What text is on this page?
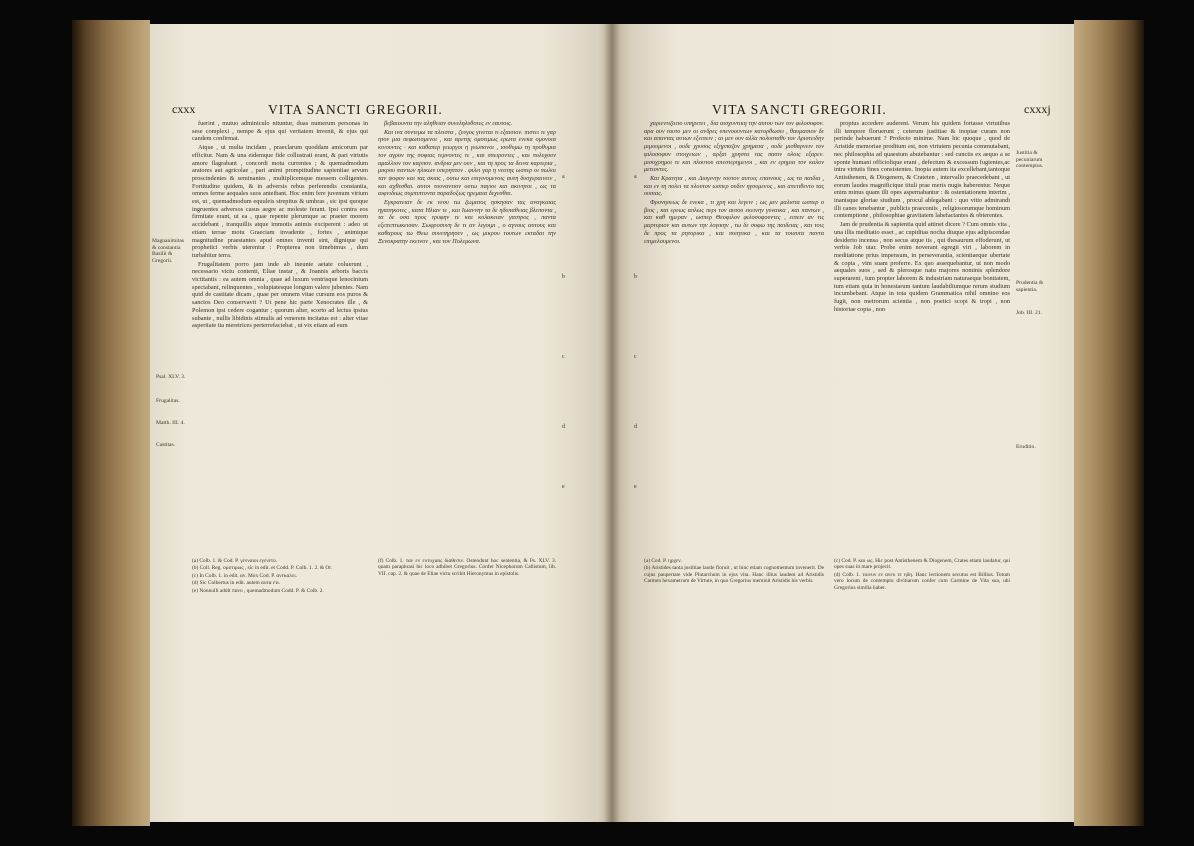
cxxx	VITA SANCTI GREGORII.
Magnanimitas & constantia Basilii & Gregorii.
Psal. XLV. 3.
Frugalitas.
Matth. III. 4.
Castitas.

fuerint , mutuo adminiculo nituntur, duas numerum personas in sese complexi , nempe & ejus qui veritatem invenit, & ejus qui candem confirmat.

Atque , ut multa incidam , praeclarum quoddam amicorum par efficitur. Nam & una eidemque fide collustrati erant, & pari virtutis amore flagrabant , concordi motu currentes ; & quemadmodum aratores aut agricolae , pari animi promptitudine sapientiae arvum proscindentes & seminantes , multiplicemque messem colligentes. Fortitudine quidem, & in adversis rebus perferendis constantia, omnes ferme aequales suos anteibant. Hoc enim fere juvenum virium est, ut , quemadmodum equuleis strepitus & umbras , sic ipsi quoque ingruentes adversos casus aegre ac moleste ferant. Ipsi contra eos firmitate erant, ut ea , quae repente plerumque ac praeter morem accidebant , tranquillis atque immotis animis exciperent : adeo ut etiam terrae motu Graeciam invadente , fortes , animique magnitudine praestantes apud omnes inventi sint, dignique qui prophetici verbis uterentur : Propterea non timebimus , dum turbabitur terra.

Frugalitatem porro jam inde ab ineunte aetate coluerunt , necessario victu contenti, Eliae instar , & Joannis arboris baccis victitantis : ea autem omnia , quae ad luxum ventrisque lenocinium spectabant, relinquentes , voluptatesque longum valere jubentes. Nam quid de castitate dicam , quae per omnem vitae cursum eos puros & sanctos Deo conservavit ? Ut pene hic parte Xenocrates ille , & Polemon ipsi cedere cogantur ; quorum alter, scorto ad lectus ipsius subante , nullis libidinis stimulis ad venerem incitatus est : alter vitae asperitate ita meretrices perterrefaciebat , ut vix etiam ad eum

βεβαιουντα την αληθειαν συνεληλυθοτες εν εαυτοις.

Και ινα συντεμω τα πλειστα , ζευγος γινεται τι εξαισιον. πιστει τε γαρ ητον μια πεφωτισμενοι , και αρετης ομοτιμως ερωτα ενεκα ομονοια κινουντες · και καθαπερ γεωργοι η γεωπονοι , ισοθυμω τη προθυμια τον αγρον της σοφιας τεμνοντες τε , και σπειροντες , και πολυχουν αμαλλιον τον καρπον. ανδρια μεν ουν , και τη προς τα δεινα καρτερια , μικρου παντων ηλικων υπερηπτον . φιλει γαρ η νεοτης ωσπερ οι πωλοι ταν ψοφον και τας σκιας , ουτω και επιγινομενοις αυτη δυσχεραινειν , και αχθεσθαι. αυτοι τουναντιον ουτω παγιοι και ακινητοι , ως τα αιφνιδιως συμπιπτοντα παραδοξως ηρεμαια δεχεσθαι.

Εγκρατειαν δε εκ νεου τω ζωματος ησκησαν τας αναγκαιας ηγαπηκοτες , κατα Ηλιαν τε , και Ιωαννην τα δε ηδυπαθειας βλεποντα , τα δε οσα προς τρυφην τε και κολακειαν γαστρος , παντα εξεπεπτωκεισαν. Σωφροσυνη δε τι αν λεγοιμι , ο αγνους αυτους και καθαρους τω Θεω συνετηρησεν , ως μικρου τουτων εκταδαι την Ξενοκρατην εκεινον , και τον Πολεμωνα.

a
b
c
d
e

(a) Colb. 1. & Cod. P. γενναιοι εγενετο.

(b) Coll. Reg. ομοτιμως , sic in edit. et Codd. P. Colb. 1. 2. & Or.

(c) In Colb. 1. in edit. αν. Mox Cod. P. ανεκαλει.

(d) Sic Colbertus in edit. autem αυτα ετι.

(e) Nonnulli addit πανυ , quemadmodum Codd. P. & Colb. 2.

(f) Colb. 1. ταν εν ευτυχιαις διαθεσιν. Ostendunt hoc sententia, & Ps. XLV. 3. quam paraphrasi hic loco adhibet Gregorius. Confer Nicephorum Callistum, lib. VII. cap. 2. & quae de Eliae victu scribit Hieronymus in epistolis.

VITA SANCTI GREGORII.	cxxxj
a
b
c
d
e

χαριεντιζοιτο υπηρετει , δια αισχυντικη την αυτου των τον φιλοσοφον. αρα ουν τουτο μεν οι ανδρες υπενοουντων κατορθωσει , θαυμασιον δε και απαντας αυτων εξειπειν ; αι μεν ουν αλλα πολυσταθυ τον Αριστειδην μιμουμενοι , ουδε χρυσος εξηρπαζον χρηματα , ουδε μισθαρνειν τον φιλοσοφον στοιχειων , αρξαι χρηστα τας πασιν ολοις εξαρεν. μισοχρημοι τε και πλουτου απεστερημενοι , και εν ερημια τον καλον μετιοντες.

Και Κρατητα , και Διογενην τουτον αυτοις επαινους , ως τα παιδια , και εν τη πολει τα πλουτον ωσπερ ουδεν ηγουμενος , και απετιθεντο τας ουσιας.

Φρονησεως δε ενεκα , τι χρη και λεγειν ; ως μεν μαλιστα ωσπερ ο βιος , και ερεως απλως περι τον αυτου εκεινην γυναικα , και παντων , και καθ ημεραν , ωσπερ Θεοφιλον φιλοσοφουντες , ειπειν αν τις μαρτυριον και αυτων την λογικην , τω δε σοφω της παιδειας , και τοις δε προς τα ρητορικα , και ποιητικα , και τα τοιαυτα παντα επιμελουμενοι.

propius accedere auderent. Verum his quidem fortasse virtutibus illi tempore floruerunt ; ceterum justitiae & inopiae curam non perinde habuerunt ? Profecto minime. Nam hic quoque , quod de Aristide memoriae proditum est, non virtutem pecunia commutabant, nec philosophia ad quaestum abutebantur : sed cunctis ex aequo a se sponte humani officiolique erant , defectum & excessum fugientes,ac intra virtutis fines consistentes. Inopia autem ita excellebant,tantoque Antisthenem, & Diogenem, & Crateten , intervallo praecedebant , ut eorum laudes magnificique tituli prae meris nugis haberentur. Neque enim minus quam illi opes aspernabantur : & ostentationem interim , inanisque gloriae studium , procul ablegabant : quo vitio admirandi illi canes tenebantur , publicis praeconiis , religiosorumque hominum contemptione , philosophiae gravitatem labefactantes & obterentes.

Jam de prudentia & sapientia quid attinet dicere ? Cum omnis vita , una illis meditatio esset , ac cupiditas nocha diuque ejus adipiscendae desiderio incensa , non secus atque iis , qui thesaurum effoderunt, ut verbis Job utar. Probe enim noverant egregii viri , laborem in meditatione prius impensum, in perseverantia, scientiaeque ubertate & copia , vim suam proferre. Ex quo assequebantur, ut non modo aequales suos , sed & plerosque natu majores nominis splendore superarent , tum propter laborem & industriam naturaeque bonitatem, tum etiam quia in honestarum tantum laudabiliumque rerum studium incumbebant. Atque in tota quidem Grammatica nihil omnino eos fugit, non metrorum scientia , non poetici scopi & tropi , non historiae copia , non

Justitia & pecuniarum contemptus.
Prudentia & sapientia.
Job. III. 21.
Eruditio.

(a) Cod. P. ηρχεν.

(b) Aristides tanta justitiae laude floruit , ut hinc etiam cognomentum invenerit. De cujus paupertate vide Plutarchum in ejus vita. Hanc illius laudem ad Aristidis Carmen hexametrum de Virtute, in quo Gregorius meminit Aristidis his verbis.

(c) Cod. P. και ως. Hic post Antisthenem & Diogenem, Crates etiam laudatur, qui opes suas in mare projecit.

(d) Colb. 1. τοινυν εν ανευ τε ηδη. Hanc lectionem secutus est Billius. Totum vero locum de contemptu divitiarum confer cum Carmine de Vita sua, ubi Gregorius similia habet.
